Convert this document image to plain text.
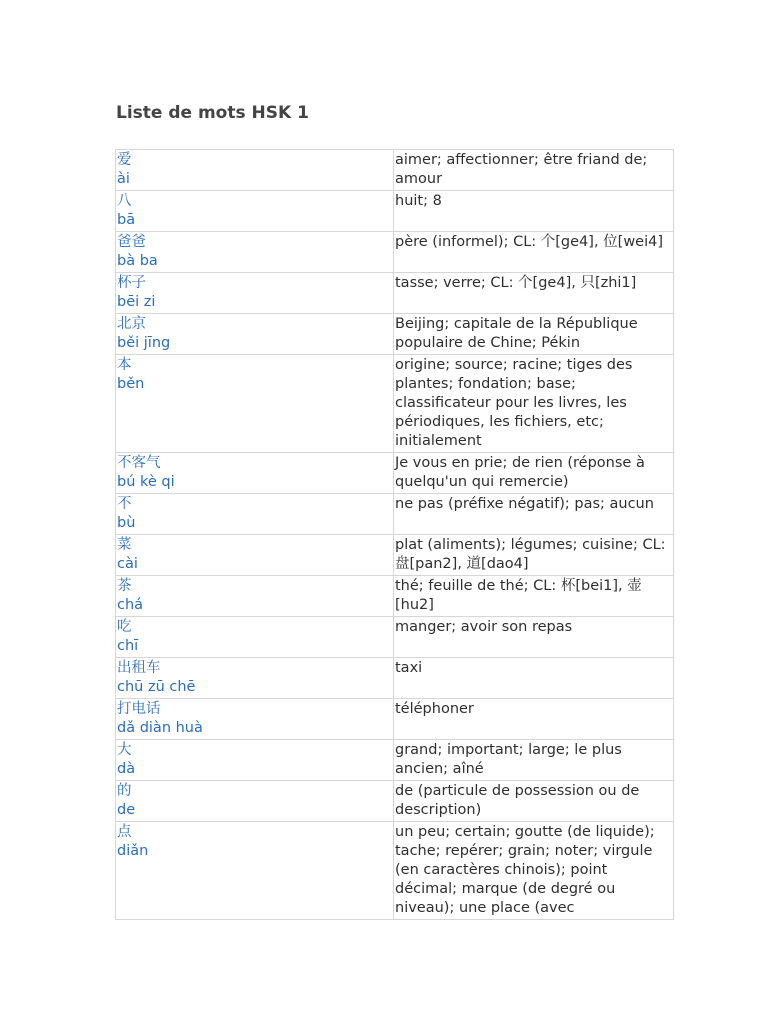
Liste de mots HSK 1
爱
ài	aimer; affectionner; être friand de; amour

八
bā	huit; 8

爸爸
bà ba	père (informel); CL: 个[ge4], 位[wei4]

杯子
bēi zi	tasse; verre; CL: 个[ge4], 只[zhi1]

北京
běi jīng	Beijing; capitale de la République populaire de Chine; Pékin

本
běn	origine; source; racine; tiges des plantes; fondation; base; classificateur pour les livres, les périodiques, les fichiers, etc; initialement

不客气
bú kè qi	Je vous en prie; de rien (réponse à quelqu'un qui remercie)

不
bù	ne pas (préfixe négatif); pas; aucun

菜
cài	plat (aliments); légumes; cuisine; CL: 盘[pan2], 道[dao4]

茶
chá	thé; feuille de thé; CL: 杯[bei1], 壶[hu2]

吃
chī	manger; avoir son repas

出租车
chū zū chē	taxi

打电话
dǎ diàn huà	téléphoner

大
dà	grand; important; large; le plus ancien; aîné

的
de	de (particule de possession ou de description)

点
diǎn	un peu; certain; goutte (de liquide); tache; repérer; grain; noter; virgule (en caractères chinois); point décimal; marque (de degré ou niveau); une place (avec
